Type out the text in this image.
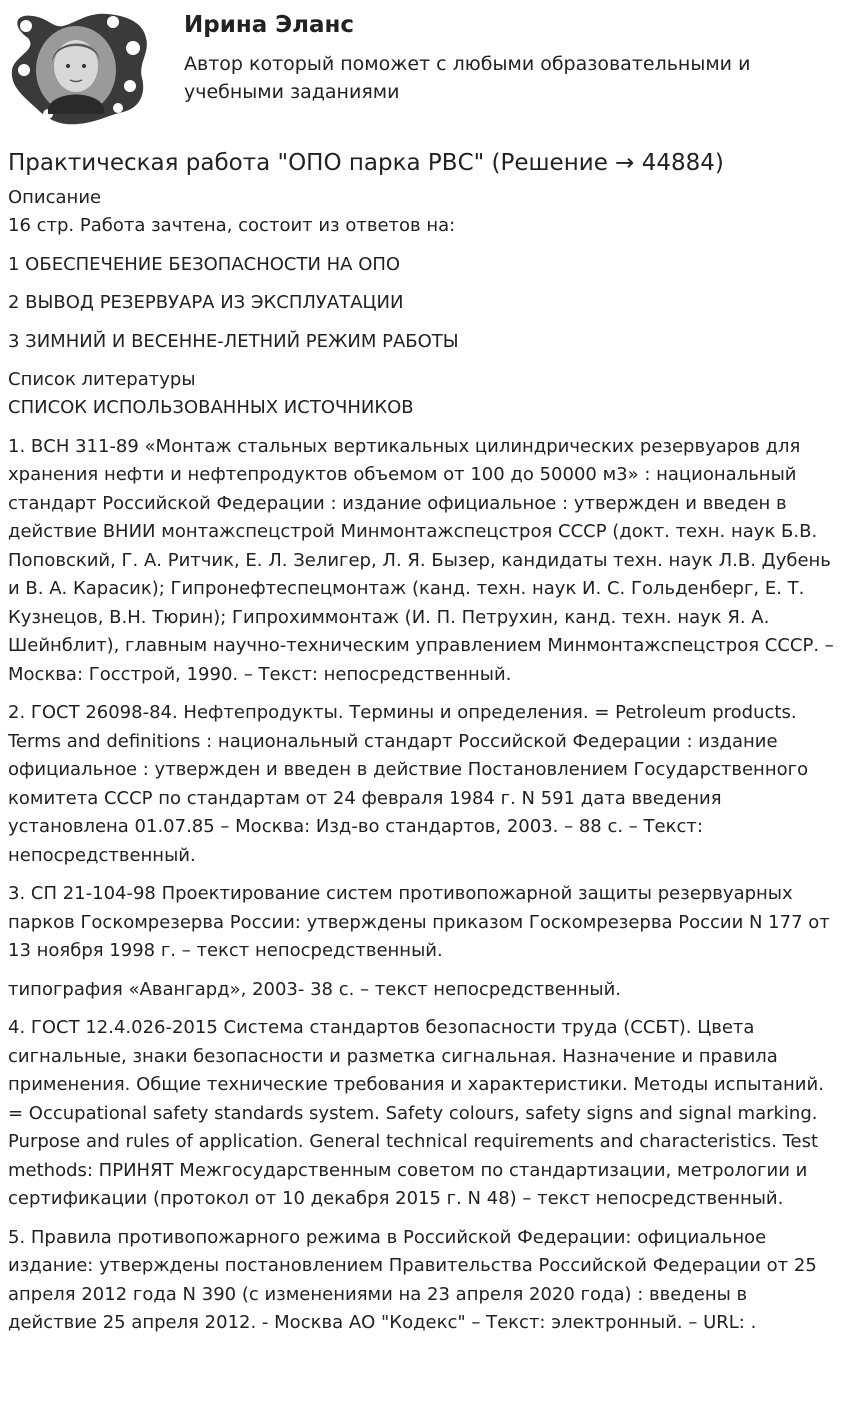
Ирина Эланс
Автор который поможет с любыми образовательными и учебными заданиями
Практическая работа "ОПО парка РВС" (Решение → 44884)
Описание
16 стр. Работа зачтена, состоит из ответов на:
1 ОБЕСПЕЧЕНИЕ БЕЗОПАСНОСТИ НА ОПО
2 ВЫВОД РЕЗЕРВУАРА ИЗ ЭКСПЛУАТАЦИИ
3 ЗИМНИЙ И ВЕСЕННЕ-ЛЕТНИЙ РЕЖИМ РАБОТЫ
Список литературы
СПИСОК ИСПОЛЬЗОВАННЫХ ИСТОЧНИКОВ
1. ВСН 311-89 «Монтаж стальных вертикальных цилиндрических резервуаров для хранения нефти и нефтепродуктов объемом от 100 до 50000 м3» : национальный стандарт Российской Федерации : издание официальное : утвержден и введен в действие ВНИИ монтажспецстрой Минмонтажспецстроя СССР (докт. техн. наук Б.В. Поповский, Г. А. Ритчик, Е. Л. Зелигер, Л. Я. Бызер, кандидаты техн. наук Л.В. Дубень и В. А. Карасик); Гипронефтеспецмонтаж (канд. техн. наук И. С. Гольденберг, Е. Т. Кузнецов, В.Н. Тюрин); Гипрохиммонтаж (И. П. Петрухин, канд. техн. наук Я. А. Шейнблит), главным научно-техническим управлением Минмонтажспецстроя СССР. – Москва: Госстрой, 1990. – Текст: непосредственный.
2. ГОСТ 26098-84. Нефтепродукты. Термины и определения. = Petroleum products. Terms and definitions : национальный стандарт Российской Федерации : издание официальное : утвержден и введен в действие Постановлением Государственного комитета СССР по стандартам от 24 февраля 1984 г. N 591 дата введения установлена 01.07.85 – Москва: Изд-во стандартов, 2003. – 88 с. – Текст: непосредственный.
3. СП 21-104-98 Проектирование систем противопожарной защиты резервуарных парков Госкомрезерва России: утверждены приказом Госкомрезерва России N 177 от 13 ноября 1998 г. – текст непосредственный.
типография «Авангард», 2003- 38 с. – текст непосредственный.
4. ГОСТ 12.4.026-2015 Система стандартов безопасности труда (ССБТ). Цвета сигнальные, знаки безопасности и разметка сигнальная. Назначение и правила применения. Общие технические требования и характеристики. Методы испытаний. = Occupational safety standards system. Safety colours, safety signs and signal marking. Purpose and rules of application. General technical requirements and characteristics. Test methods: ПРИНЯТ Межгосударственным советом по стандартизации, метрологии и сертификации (протокол от 10 декабря 2015 г. N 48) – текст непосредственный.
5. Правила противопожарного режима в Российской Федерации: официальное издание: утверждены постановлением Правительства Российской Федерации от 25 апреля 2012 года N 390 (с изменениями на 23 апреля 2020 года) : введены в действие 25 апреля 2012. - Москва АО "Кодекс" – Текст: электронный. – URL: .
